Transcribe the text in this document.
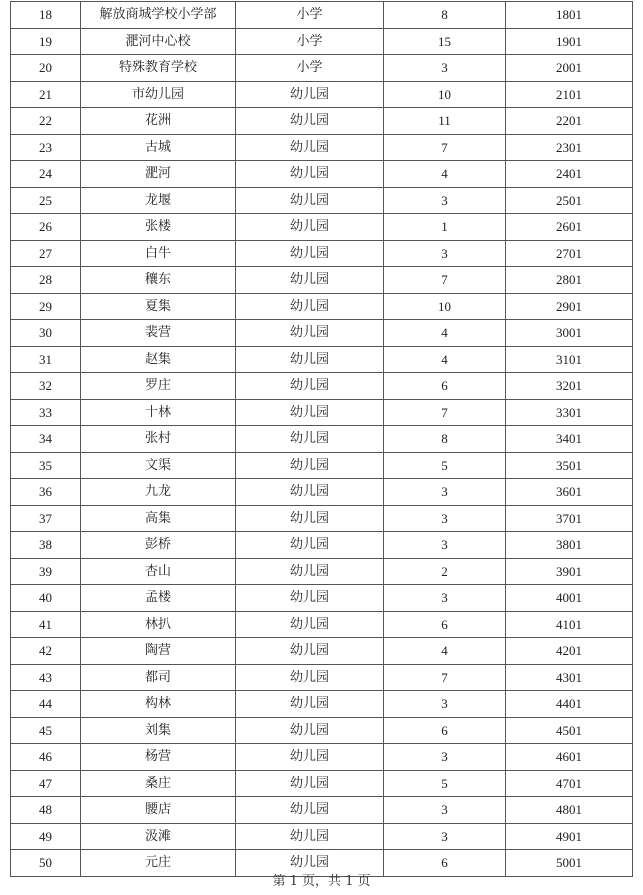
18	解放商城学校小学部	小学	8	1801
19	淝河中心校	小学	15	1901
20	特殊教育学校	小学	3	2001
21	市幼儿园	幼儿园	10	2101
22	花洲	幼儿园	11	2201
23	古城	幼儿园	7	2301
24	淝河	幼儿园	4	2401
25	龙堰	幼儿园	3	2501
26	张楼	幼儿园	1	2601
27	白牛	幼儿园	3	2701
28	穰东	幼儿园	7	2801
29	夏集	幼儿园	10	2901
30	裴营	幼儿园	4	3001
31	赵集	幼儿园	4	3101
32	罗庄	幼儿园	6	3201
33	十林	幼儿园	7	3301
34	张村	幼儿园	8	3401
35	文渠	幼儿园	5	3501
36	九龙	幼儿园	3	3601
37	高集	幼儿园	3	3701
38	彭桥	幼儿园	3	3801
39	杏山	幼儿园	2	3901
40	孟楼	幼儿园	3	4001
41	林扒	幼儿园	6	4101
42	陶营	幼儿园	4	4201
43	都司	幼儿园	7	4301
44	构林	幼儿园	3	4401
45	刘集	幼儿园	6	4501
46	杨营	幼儿园	3	4601
47	桑庄	幼儿园	5	4701
48	腰店	幼儿园	3	4801
49	汲滩	幼儿园	3	4901
50	元庄	幼儿园	6	5001
第 1 页，共 1 页
